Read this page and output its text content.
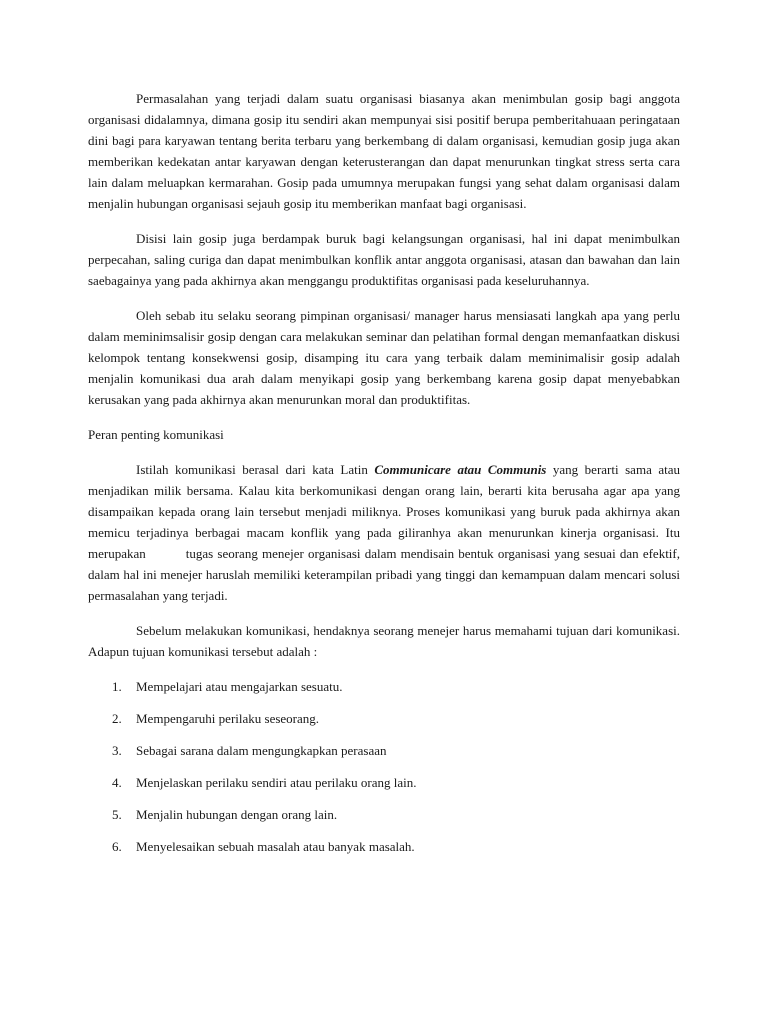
Permasalahan yang terjadi dalam suatu organisasi biasanya akan menimbulan gosip bagi anggota organisasi didalamnya, dimana gosip itu sendiri akan mempunyai sisi positif berupa pemberitahuaan peringataan dini bagi para karyawan tentang berita terbaru yang berkembang di dalam organisasi, kemudian gosip juga akan memberikan kedekatan antar karyawan dengan keterusterangan dan dapat menurunkan tingkat stress serta cara lain dalam meluapkan kermarahan. Gosip pada umumnya merupakan fungsi yang sehat dalam organisasi dalam menjalin hubungan organisasi sejauh gosip itu memberikan manfaat bagi organisasi.

Disisi lain gosip juga berdampak buruk bagi kelangsungan organisasi, hal ini dapat menimbulkan perpecahan, saling curiga dan dapat menimbulkan konflik antar anggota organisasi, atasan dan bawahan dan lain saebagainya yang pada akhirnya akan menggangu produktifitas organisasi pada keseluruhannya.

Oleh sebab itu selaku seorang pimpinan organisasi/ manager harus mensiasati langkah apa yang perlu dalam meminimsalisir gosip dengan cara melakukan seminar dan pelatihan formal dengan memanfaatkan diskusi kelompok tentang konsekwensi gosip, disamping itu cara yang terbaik dalam meminimalisir gosip adalah menjalin komunikasi dua arah dalam menyikapi gosip yang berkembang karena gosip dapat menyebabkan kerusakan yang pada akhirnya akan menurunkan moral dan produktifitas.

Peran penting komunikasi

Istilah komunikasi berasal dari kata Latin Communicare atau Communis yang berarti sama atau menjadikan milik bersama. Kalau kita berkomunikasi dengan orang lain, berarti kita berusaha agar apa yang disampaikan kepada orang lain tersebut menjadi miliknya. Proses komunikasi yang buruk pada akhirnya akan memicu terjadinya berbagai macam konflik yang pada giliranhya akan menurunkan kinerja organisasi. Itu merupakan	tugas seorang menejer organisasi dalam mendisain bentuk organisasi yang sesuai dan efektif, dalam hal ini menejer haruslah memiliki keterampilan pribadi yang tinggi dan kemampuan dalam mencari solusi permasalahan yang terjadi.

Sebelum melakukan komunikasi, hendaknya seorang menejer harus memahami tujuan dari komunikasi. Adapun tujuan komunikasi tersebut adalah :

1.	Mempelajari atau mengajarkan sesuatu.
2.	Mempengaruhi perilaku seseorang.
3.	Sebagai sarana dalam mengungkapkan perasaan
4.	Menjelaskan perilaku sendiri atau perilaku orang lain.
5.	Menjalin hubungan dengan orang lain.
6.	Menyelesaikan sebuah masalah atau banyak masalah.
